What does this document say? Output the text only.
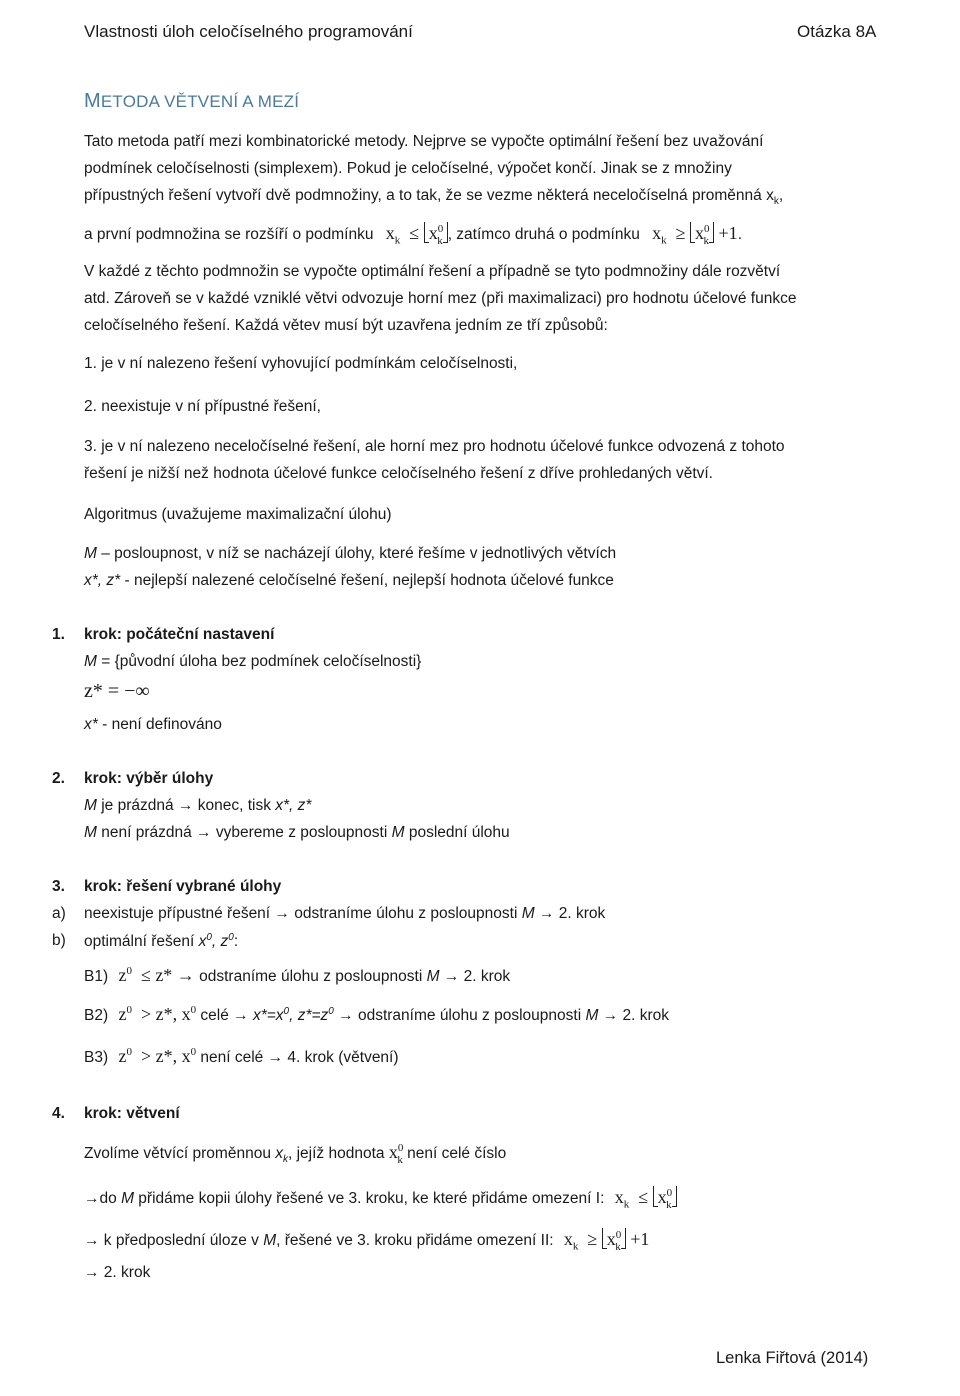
Vlastnosti úloh celočíselného programování	Otázka 8A
METODA VĚTVENÍ A MEZÍ
Tato metoda patří mezi kombinatorické metody. Nejprve se vypočte optimální řešení bez uvažování
podmínek celočíselnosti (simplexem). Pokud je celočíselné, výpočet končí. Jinak se z množiny
přípustných řešení vytvoří dvě podmnožiny, a to tak, že se vezme některá neceločíselná proměnná $x_k$,
a první podmnožina se rozšíří o podmínku $x_k \le x^0_k$ , zatímco druhá o podmínku $x_k \ge x^0_k +1$.
V každé z těchto podmnožin se vypočte optimální řešení a případně se tyto podmnožiny dále rozvětví
atd. Zároveň se v každé vzniklé větvi odvozuje horní mez (při maximalizaci) pro hodnotu účelové funkce
celočíselného řešení. Každá větev musí být uzavřena jedním ze tří způsobů:
1. je v ní nalezeno řešení vyhovující podmínkám celočíselnosti,
2. neexistuje v ní přípustné řešení,
3. je v ní nalezeno neceločíselné řešení, ale horní mez pro hodnotu účelové funkce odvozená z tohoto
řešení je nižší než hodnota účelové funkce celočíselného řešení z dříve prohledaných větví.
Algoritmus (uvažujeme maximalizační úlohu)
M – posloupnost, v níž se nacházejí úlohy, které řešíme v jednotlivých větvích
x*, z* - nejlepší nalezené celočíselné řešení, nejlepší hodnota účelové funkce
1. krok: počáteční nastavení
M = {původní úloha bez podmínek celočíselnosti}
z* = −∞
x* - není definováno
2. krok: výběr úlohy
M je prázdná → konec, tisk x*, z*
M není prázdná → vybereme z posloupnosti M poslední úlohu
3. krok: řešení vybrané úlohy
a) neexistuje přípustné řešení → odstraníme úlohu z posloupnosti M → 2. krok
b) optimální řešení $x^0$, $z^0$:
B1) $z^0 \le z*$ → odstraníme úlohu z posloupnosti M → 2. krok
B2) $z^0 > z*$, $x^0$ celé → $x*=x^0$, $z*=z^0$ → odstraníme úlohu z posloupnosti M → 2. krok
B3) $z^0 > z*$, $x^0$ není celé → 4. krok (větvení)
4. krok: větvení
Zvolíme větvící proměnnou $x_k$, jejíž hodnota $x^0_k$ není celé číslo
→do M přidáme kopii úlohy řešené ve 3. kroku, ke které přidáme omezení I: $x_k \le x^0_k$
→ k předposlední úloze v M, řešené ve 3. kroku přidáme omezení II: $x_k \ge x^0_k +1$
→ 2. krok
Lenka Fiřtová (2014)
